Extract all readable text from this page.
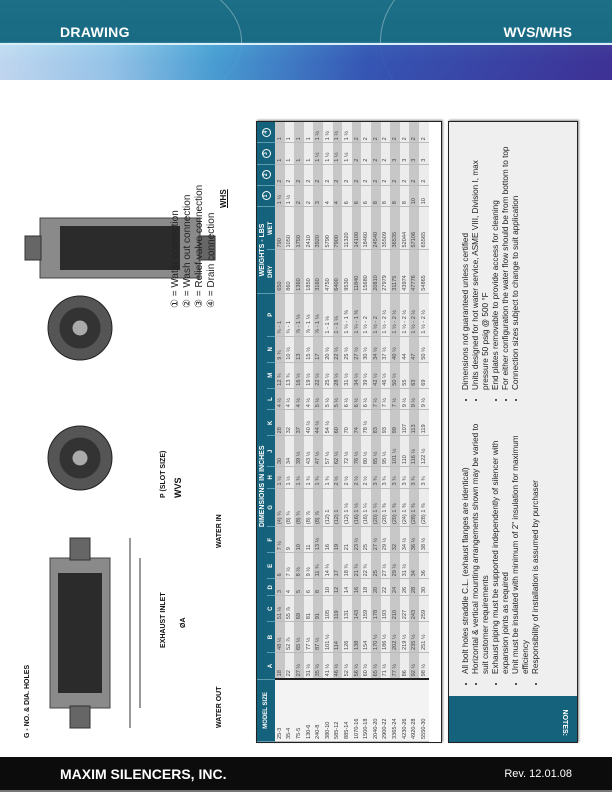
DRAWING	WVS/WHS
G - NO. & DIA. HOLES	WATER OUT
WATER IN
EXHAUST INLET ØA
P (SLOT SIZE) WVS
WHS
① = Water connection ② = Wash out connection ③ = Relief valve connection ④ = Drain connection
MODEL SIZE	DIMENSIONS IN INCHES														WEIGHTS - LBS		1	2	3	4
	A	B	C	D	E	F	G	H	J	K	L	M	N	P	DRY	WET				
25-3	18	48 ½	51 ⅛	3	6	7 ½	(4) ¾	1 ½	30	28	4 ½	12 ¾	9 ¾	¾ - 1	650	790	1 ½	2	1	1
35-4	22	52 ⅞	55 ⅞	4	7 ½	9	(8) ¾	1 ½	34	32	4 ½	13 ¾	10 ½	¾ - 1	860	1050	1 ½	2	1	1
75-5	27 ½	65 ½	69	5	8 ½	10	(8) ¾	1 ¾	39 ½	37	4 ½	16 ½	13	⅞ - 1 ⅛	1360	1750	2	2	1	1
130-6	31 ½	77 ½	81	6	9 ½	11	(8) ⅞	1 ¾	43 ½	40 ½	4 ½	19 ½	15 ½	⅞ - 1 ⅛	1850	2410	2	2	1	1
240-8	35 ½	87 ½	91	8	11 ¾	13 ½	(8) ⅞	1 ¾	47 ½	44 ½	5 ½	22 ½	17	⅞ - 1 ⅛	3160	3920	3	2	1 ½	1 ½
380-10	41 ½	101 ½	105	10	14 ¼	16	(12) 1	1 ¾	57 ½	54 ½	5 ½	25 ½	20 ½	1 - 1 ⅛	4750	5790	4	2	1 ½	1 ½
585-12	46 ½	114	119	12	17	19	(12) 1	2 ½	62 ½	60	5 ½	28 ½	22 ½	1 - 1 ⅛	6400	7900	4	2	1 ½	1 ½
885-14	52 ½	126	131	14	18 ¾	21	(12) 1 ⅛	2 ½	72 ½	70	6 ½	31 ½	25 ½	1 ¼ - 1 ⅜	9530	11320	6	2	1 ½	1 ½
1070-16	56 ½	138	143	16	21 ¼	23 ½	(16) 1 ⅛	2 ½	76 ½	74	6 ½	34 ½	27 ½	1 ¼ - 1 ⅜	11840	14100	6	2	2	2
1500-18	60 ½	154	159	18	22 ¾	25	(16) 1 ¼	2 ½	80 ½	78 ½	6 ½	39 ½	30 ½	1 ½ - 2	15680	18460	6	2	2	2
2040-20	65 ½	170 ½	178	20	25	27 ½	(20) 1 ¼	3 ¾	85 ½	83	7 ½	42 ½	34 ½	1 ½ - 2	20810	24540	8	2	2	2
2900-22	71 ½	186 ½	193	22	27 ½	29 ½	(20) 1 ⅜	3 ¾	95 ½	93	7 ½	46 ½	37 ½	1 ½ - 2 ½	27979	35509	8	2	2	2
3365-24	77 ½	202 ½	210	24	29 ½	32	(20) 1 ⅜	3 ¾	101 ½	99	7 ½	50 ½	40 ½	1 ½ - 2 ½	31175	36535	8	2	3	2
4230-26	86	219 ½	227	26	31 ½	34 ½	(24) 1 ⅜	3 ¾	110	107	9 ½	55	44	1 ½ - 2 ½	43974	52044	8	2	3	2
4920-28	92 ½	235 ½	243	28	34	36 ½	(28) 1 ⅜	3 ¾	116 ½	113	9 ½	63	47	1 ½ - 2 ½	47776	57106	10	2	3	2
5550-30	98 ½	251 ½	259	30	36	38 ½	(28) 1 ⅜	3 ¾	122 ½	119	9 ½	69	50 ½	1 ½ - 2 ½	54865	65565	10	2	3	2
NOTES:
• All bolt holes straddle C.L. (exhaust flanges are identical) • Horizontal & vertical mounting arrangements shown may be varied to suit customer requirements • Exhaust piping must be supported independently of silencer with expansion joints as required • Unit must be insulated with minimum of 2" insulation for maximum efficiency • Responsibility of installation is assumed by purchaser
• Dimensions not guaranteed unless certified • Units designed for hot water service, ASME VIII, Division I, max pressure 50 psig @ 500 °F • End plates removable to provide access for cleaning • For either configuration the water flow should be from bottom to top • Connection sizes subject to change to suit application
MAXIM SILENCERS, INC.	Rev. 12.01.08
